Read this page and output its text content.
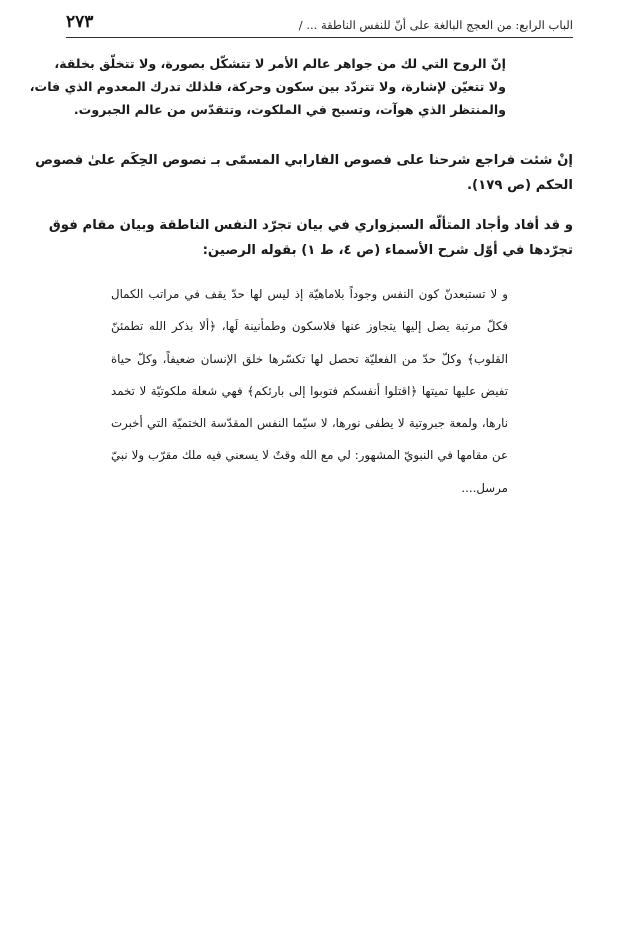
الباب الرابع: من العجج البالغة على أنّ للنفس الناطقة ... /
٢٧٣
إنّ الروح التي لك من جواهر عالم الأمر لا تتشكّل بصورة، ولا تتخلّق بخلقة،
ولا تتعيّن لإشارة، ولا تتردّد بين سكون وحركة، فلذلك تدرك المعدوم الذي فات،
والمنتظر الذي هوآت، وتسبح في الملكوت، وتتقدّس من عالم الجبروت.
إنْ شئت فراجع شرحنا على فصوص الفارابي المسمّى بـ نصوص الحِكَم علىٰ فصوص
الحكم (ص ١٧٩).
و قد أفاد وأجاد المتألّه السبزواري في بيان تجرّد النفس الناطقة وبيان مقام فوق
تجرّدها في أوّل شرح الأسماء (ص ٤، ط ١) بقوله الرصين:
و لا تستبعدنّ كون النفس وجوداً بلاماهيّة إذ ليس لها حدّ يقف في مراتب الكمال
فكلّ مرتبة يصل إليها يتجاوز عنها فلاسكون وطمأنينة لَها، ﴿ألا بذكر الله تطمئنّ
القلوب﴾ وكلّ حدّ من الفعليّة تحصل لها تكسّرها خلق الإنسان ضعيفاً، وكلّ حياة
تفيض عليها تميتها ﴿اقتلوا أنفسكم فتوبوا إلى بارئكم﴾ فهي شعلة ملكوتيّة لا تخمد
نارها، ولمعة جبروتية لا يطفى نورها، لا سيّما النفس المقدّسة الختميّة التي أخبرت
عن مقامها في النبويّ المشهور: لي مع الله وقتٌ لا يسعني فيه ملك مقرّب ولا نبيّ
مرسل....
